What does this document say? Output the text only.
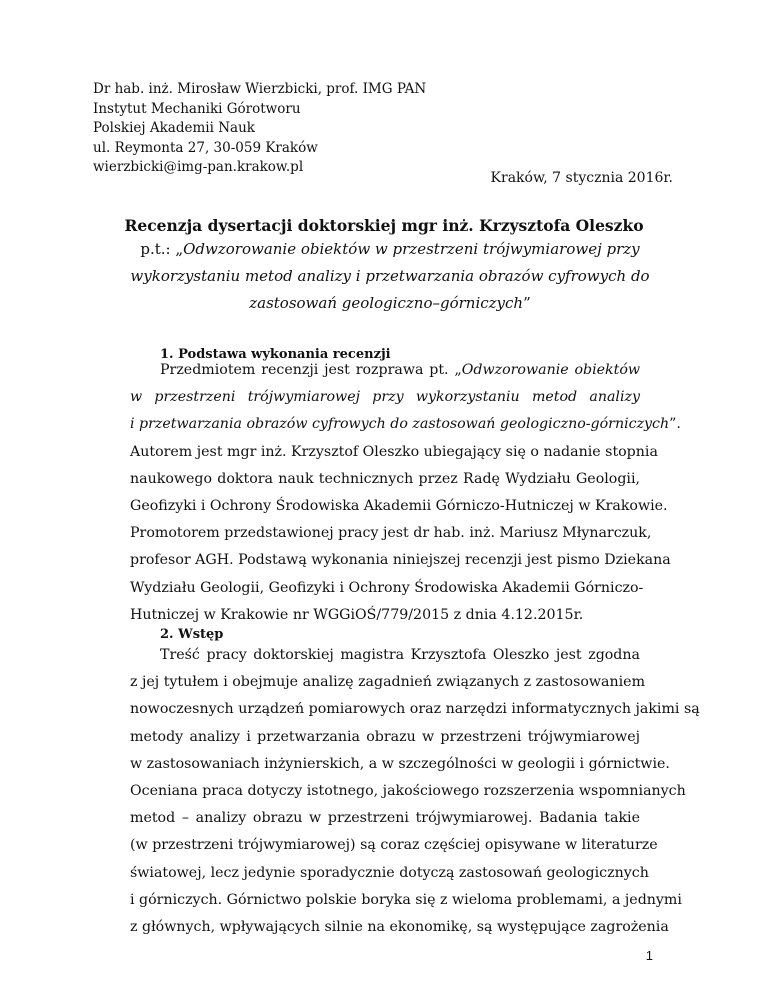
Dr hab. inż. Mirosław Wierzbicki, prof. IMG PAN
Instytut Mechaniki Górotworu
Polskiej Akademii Nauk
ul. Reymonta 27, 30-059 Kraków
wierzbicki@img-pan.krakow.pl
Kraków, 7 stycznia 2016r.
Recenzja dysertacji doktorskiej mgr inż. Krzysztofa Oleszko
p.t.: „Odwzorowanie obiektów w przestrzeni trójwymiarowej przy
wykorzystaniu metod analizy i przetwarzania obrazów cyfrowych do
zastosowań geologiczno–górniczych”
1. Podstawa wykonania recenzji
Przedmiotem recenzji jest rozprawa pt. „Odwzorowanie obiektów
w przestrzeni trójwymiarowej przy wykorzystaniu metod analizy
i przetwarzania obrazów cyfrowych do zastosowań geologiczno-górniczych”.
Autorem jest mgr inż. Krzysztof Oleszko ubiegający się o nadanie stopnia
naukowego doktora nauk technicznych przez Radę Wydziału Geologii,
Geofizyki i Ochrony Środowiska Akademii Górniczo-Hutniczej w Krakowie.
Promotorem przedstawionej pracy jest dr hab. inż. Mariusz Młynarczuk,
profesor AGH. Podstawą wykonania niniejszej recenzji jest pismo Dziekana
Wydziału Geologii, Geofizyki i Ochrony Środowiska Akademii Górniczo-
Hutniczej w Krakowie nr WGGiOŚ/779/2015 z dnia 4.12.2015r.
2. Wstęp
Treść pracy doktorskiej magistra Krzysztofa Oleszko jest zgodna
z jej tytułem i obejmuje analizę zagadnień związanych z zastosowaniem
nowoczesnych urządzeń pomiarowych oraz narzędzi informatycznych jakimi są
metody analizy i przetwarzania obrazu w przestrzeni trójwymiarowej
w zastosowaniach inżynierskich, a w szczególności w geologii i górnictwie.
Oceniana praca dotyczy istotnego, jakościowego rozszerzenia wspomnianych
metod – analizy obrazu w przestrzeni trójwymiarowej. Badania takie
(w przestrzeni trójwymiarowej) są coraz częściej opisywane w literaturze
światowej, lecz jedynie sporadycznie dotyczą zastosowań geologicznych
i górniczych. Górnictwo polskie boryka się z wieloma problemami, a jednymi
z głównych, wpływających silnie na ekonomikę, są występujące zagrożenia
1
